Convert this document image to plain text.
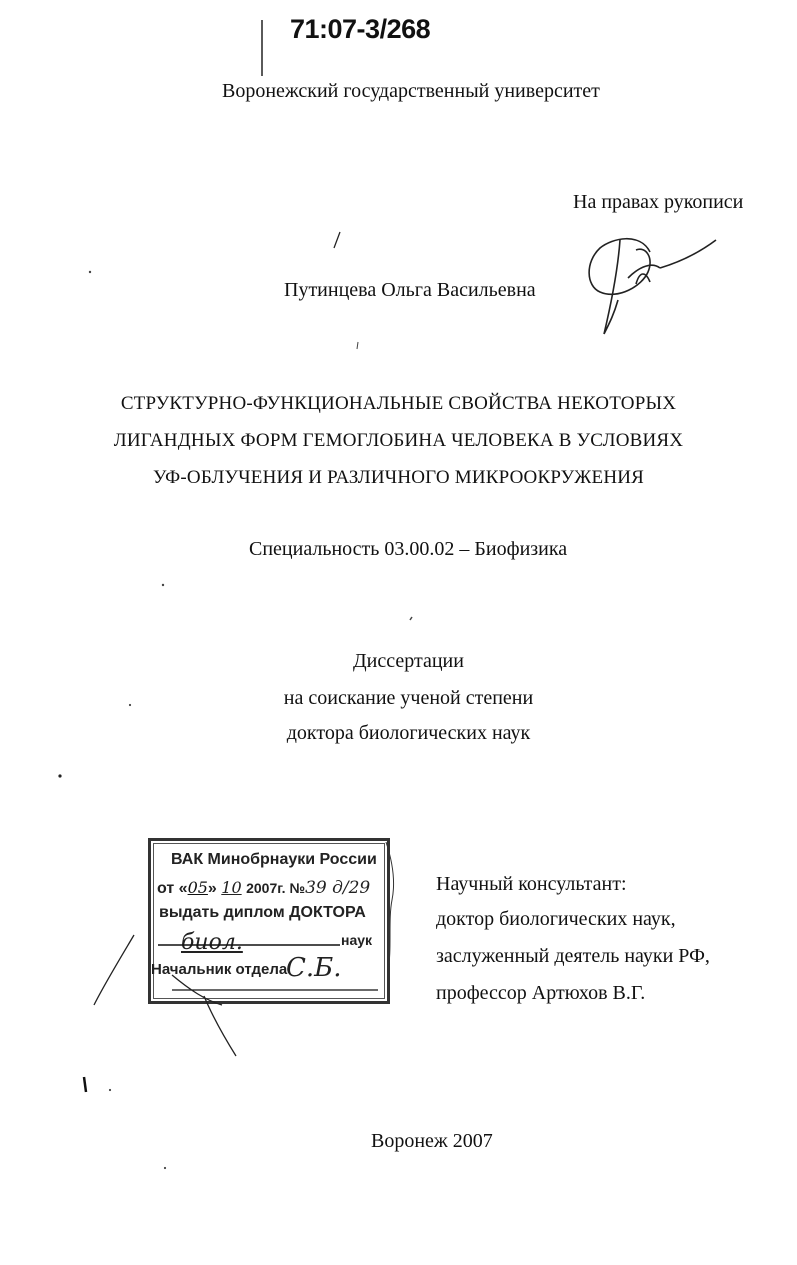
71:07-3/268
Воронежский государственный университет
На правах рукописи
Путинцева Ольга Васильевна
СТРУКТУРНО-ФУНКЦИОНАЛЬНЫЕ СВОЙСТВА НЕКОТОРЫХ
ЛИГАНДНЫХ ФОРМ ГЕМОГЛОБИНА ЧЕЛОВЕКА В УСЛОВИЯХ
УФ-ОБЛУЧЕНИЯ И РАЗЛИЧНОГО МИКРООКРУЖЕНИЯ
Специальность 03.00.02 – Биофизика
Диссертации
на соискание ученой степени
доктора биологических наук
ВАК Минобрнауки России
от «05» 10 2007г. №39 д/29
выдать диплом ДОКТОРА
биол.	наук
Начальник отдела
С.Б.
Научный консультант:
доктор биологических наук,
заслуженный деятель науки РФ,
профессор Артюхов В.Г.
Воронеж 2007
